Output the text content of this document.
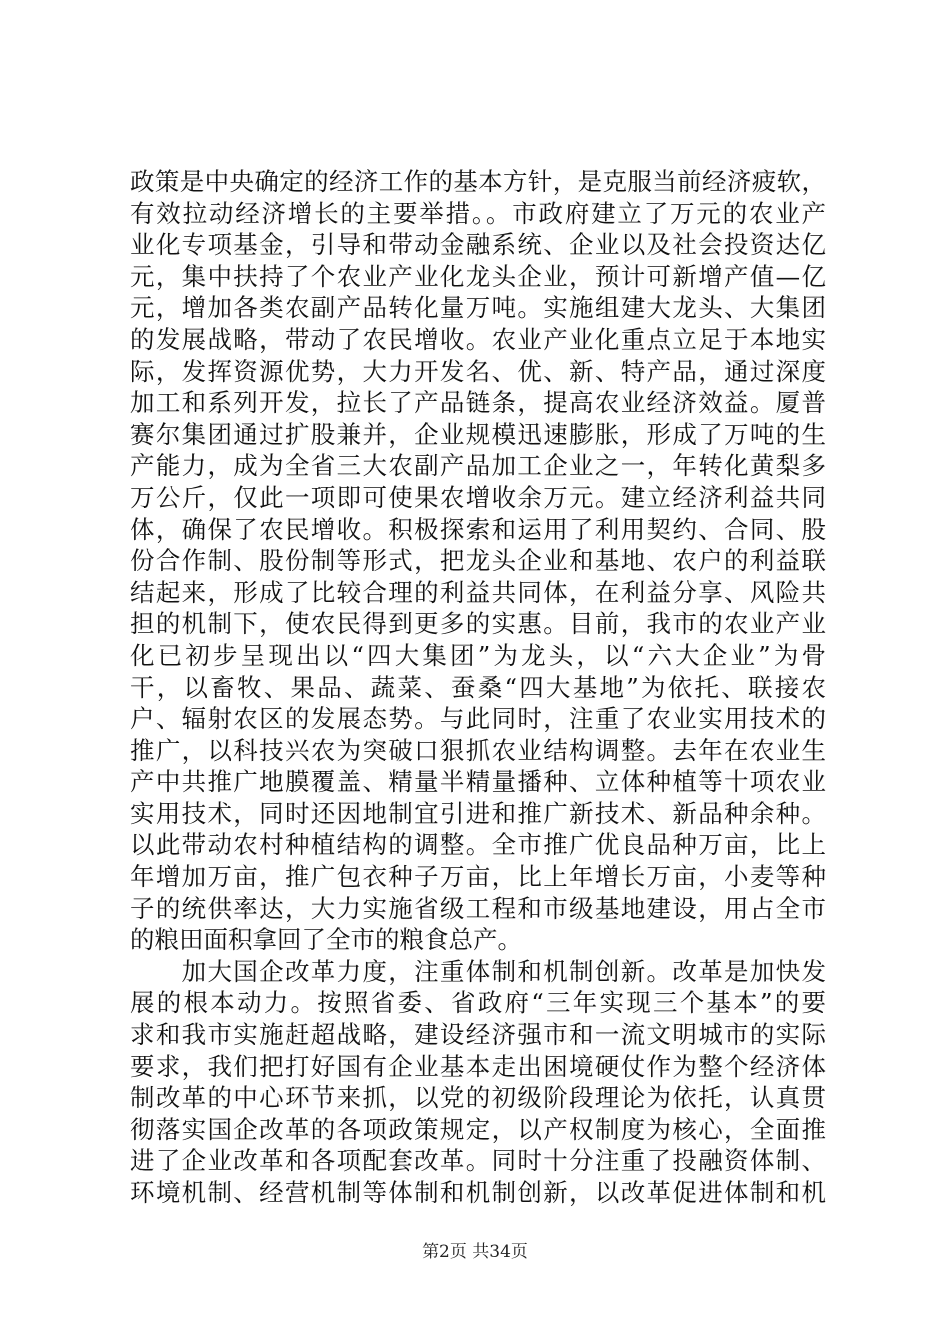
政策是中央确定的经济工作的基本方针，是克服当前经济疲软，
有效拉动经济增长的主要举措。。市政府建立了万元的农业产
业化专项基金，引导和带动金融系统、企业以及社会投资达亿
元，集中扶持了个农业产业化龙头企业，预计可新增产值—亿
元，增加各类农副产品转化量万吨。实施组建大龙头、大集团
的发展战略，带动了农民增收。农业产业化重点立足于本地实
际，发挥资源优势，大力开发名、优、新、特产品，通过深度
加工和系列开发，拉长了产品链条，提高农业经济效益。厦普
赛尔集团通过扩股兼并，企业规模迅速膨胀，形成了万吨的生
产能力，成为全省三大农副产品加工企业之一，年转化黄梨多
万公斤，仅此一项即可使果农增收余万元。建立经济利益共同
体，确保了农民增收。积极探索和运用了利用契约、合同、股
份合作制、股份制等形式，把龙头企业和基地、农户的利益联
结起来，形成了比较合理的利益共同体，在利益分享、风险共
担的机制下，使农民得到更多的实惠。目前，我市的农业产业
化已初步呈现出以“四大集团”为龙头，以“六大企业”为骨
干，以畜牧、果品、蔬菜、蚕桑“四大基地”为依托、联接农
户、辐射农区的发展态势。与此同时，注重了农业实用技术的
推广，以科技兴农为突破口狠抓农业结构调整。去年在农业生
产中共推广地膜覆盖、精量半精量播种、立体种植等十项农业
实用技术，同时还因地制宜引进和推广新技术、新品种余种。
以此带动农村种植结构的调整。全市推广优良品种万亩，比上
年增加万亩，推广包衣种子万亩，比上年增长万亩，小麦等种
子的统供率达，大力实施省级工程和市级基地建设，用占全市
的粮田面积拿回了全市的粮食总产。
　　加大国企改革力度，注重体制和机制创新。改革是加快发
展的根本动力。按照省委、省政府“三年实现三个基本”的要
求和我市实施赶超战略，建设经济强市和一流文明城市的实际
要求，我们把打好国有企业基本走出困境硬仗作为整个经济体
制改革的中心环节来抓，以党的初级阶段理论为依托，认真贯
彻落实国企改革的各项政策规定，以产权制度为核心，全面推
进了企业改革和各项配套改革。同时十分注重了投融资体制、
环境机制、经营机制等体制和机制创新，以改革促进体制和机
第2页 共34页
